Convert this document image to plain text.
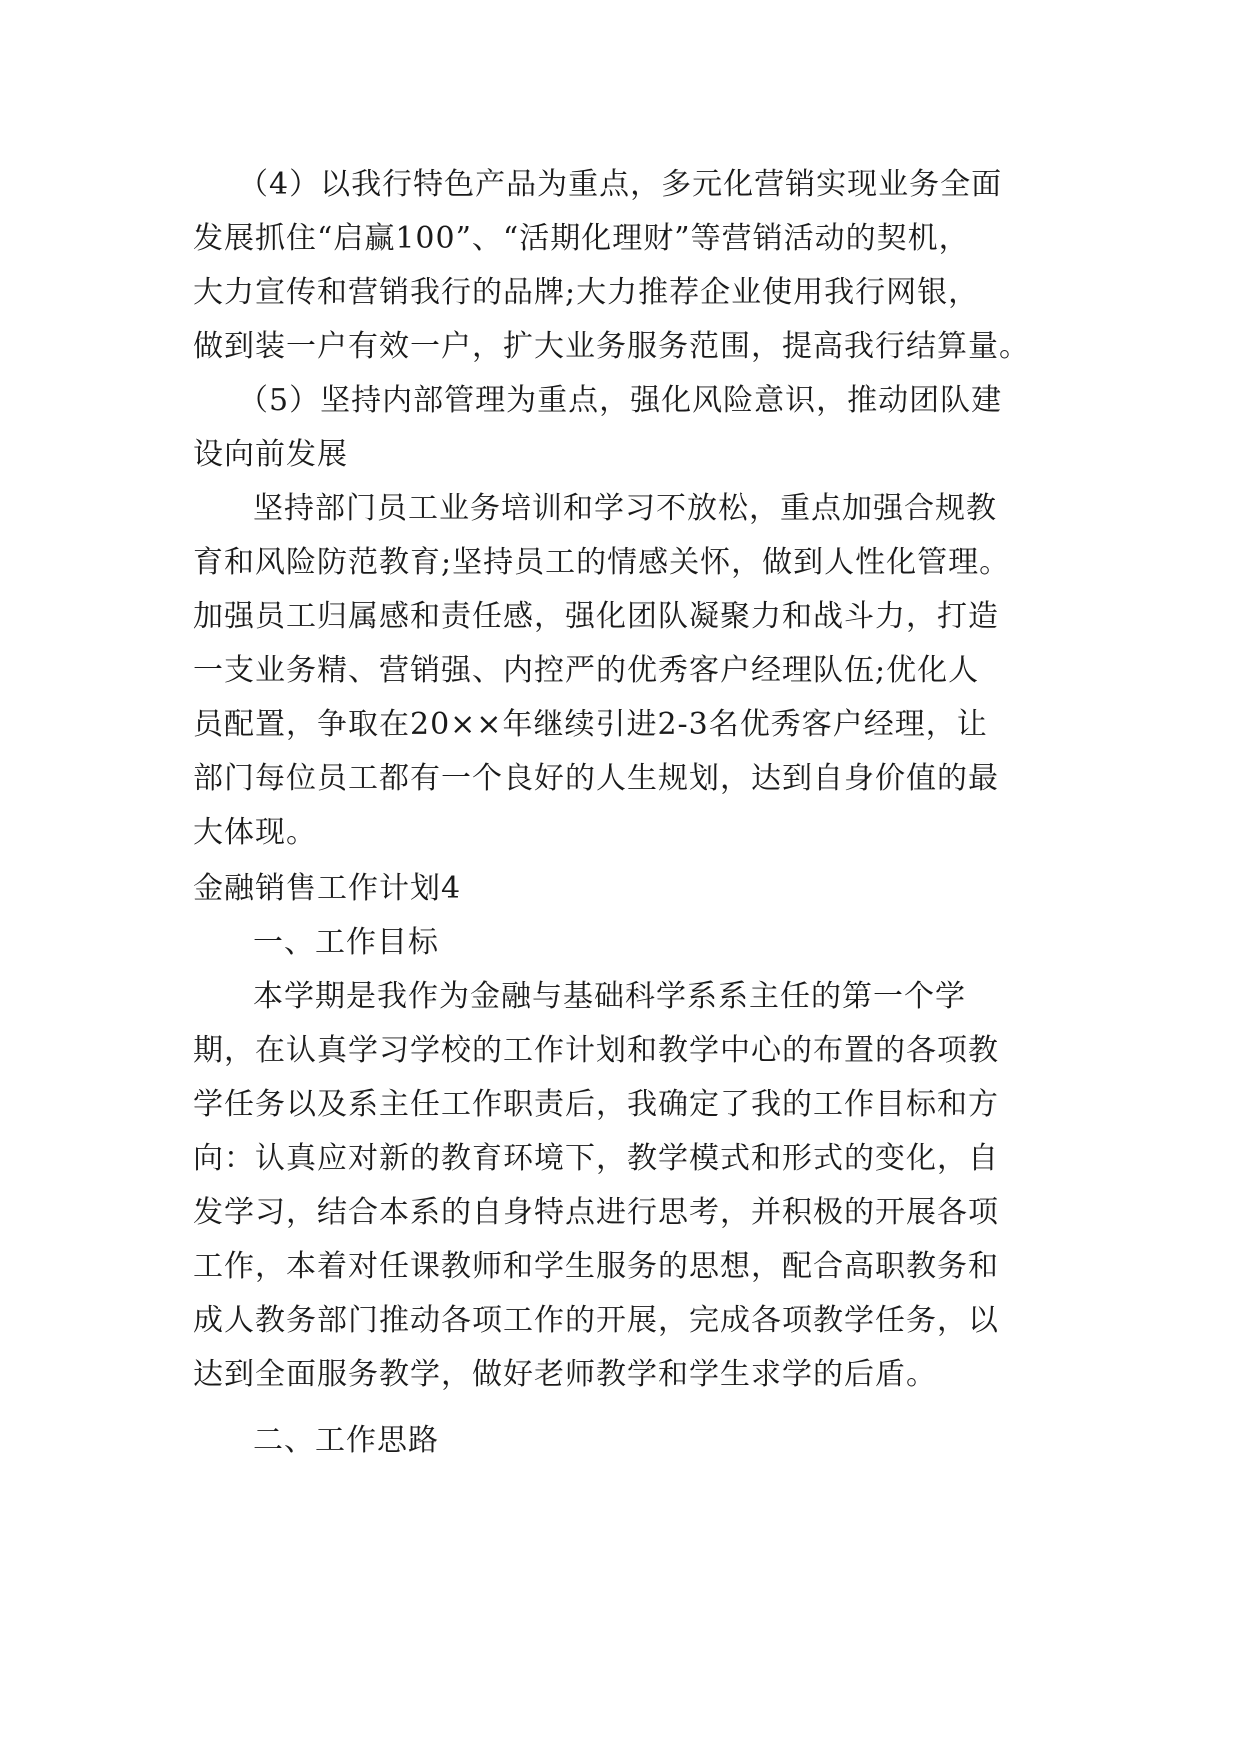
（4）以我行特色产品为重点，多元化营销实现业务全面
发展抓住“启赢100”、“活期化理财”等营销活动的契机，
大力宣传和营销我行的品牌;大力推荐企业使用我行网银，
做到装一户有效一户，扩大业务服务范围，提高我行结算量。
（5）坚持内部管理为重点，强化风险意识，推动团队建
设向前发展
坚持部门员工业务培训和学习不放松，重点加强合规教
育和风险防范教育;坚持员工的情感关怀，做到人性化管理。
加强员工归属感和责任感，强化团队凝聚力和战斗力，打造
一支业务精、营销强、内控严的优秀客户经理队伍;优化人
员配置，争取在20××年继续引进2-3名优秀客户经理，让
部门每位员工都有一个良好的人生规划，达到自身价值的最
大体现。
金融销售工作计划4
一、工作目标
本学期是我作为金融与基础科学系系主任的第一个学
期，在认真学习学校的工作计划和教学中心的布置的各项教
学任务以及系主任工作职责后，我确定了我的工作目标和方
向：认真应对新的教育环境下，教学模式和形式的变化，自
发学习，结合本系的自身特点进行思考，并积极的开展各项
工作，本着对任课教师和学生服务的思想，配合高职教务和
成人教务部门推动各项工作的开展，完成各项教学任务，以
达到全面服务教学，做好老师教学和学生求学的后盾。
二、工作思路
